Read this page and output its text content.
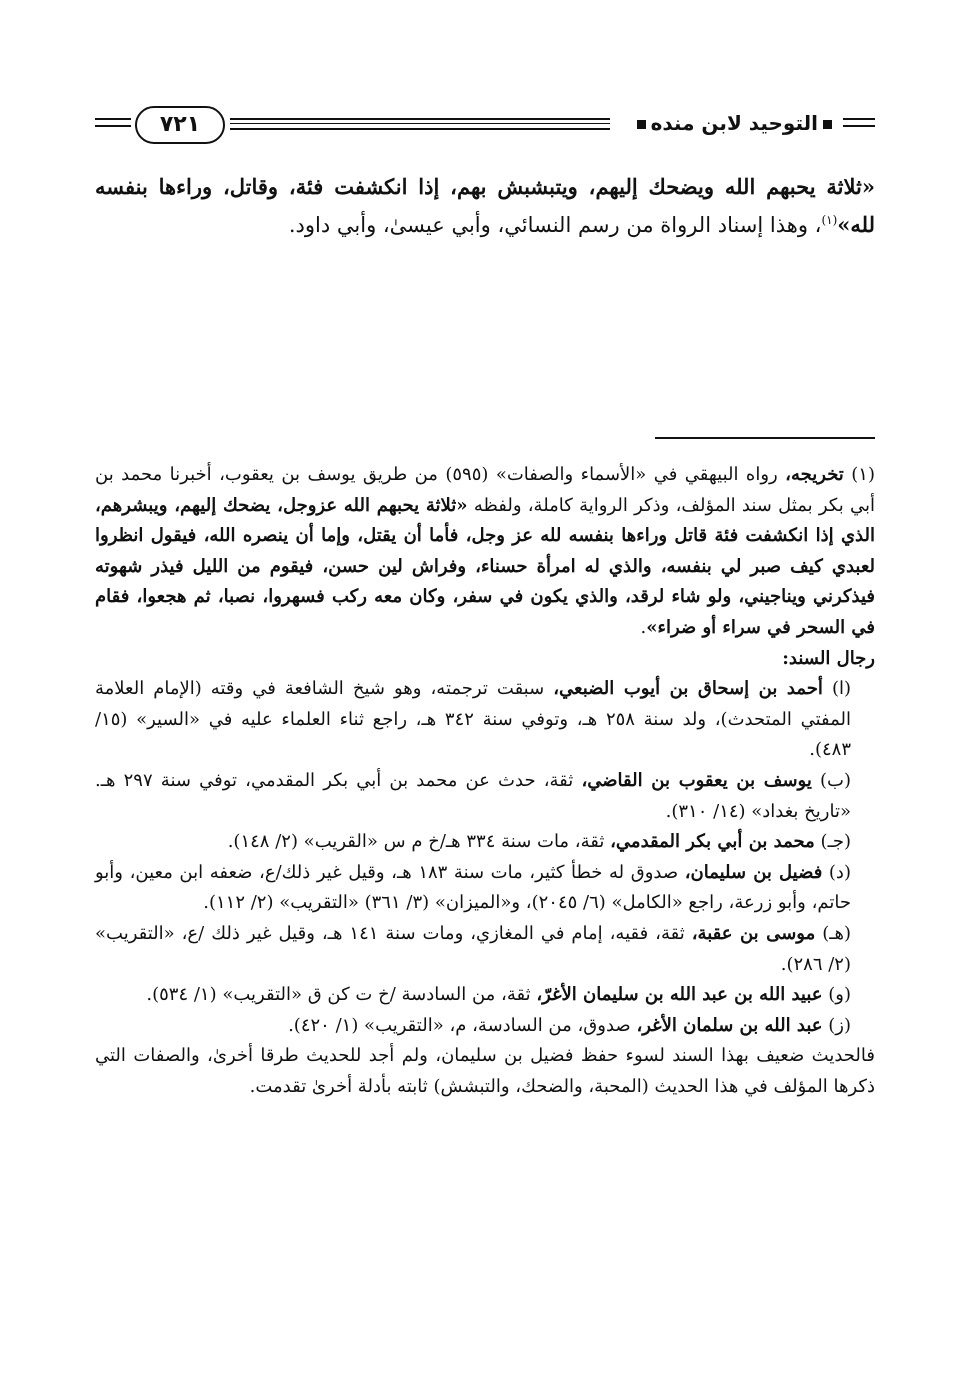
٧٢١	التوحيد لابن منده

«ثلاثة يحبهم الله ويضحك إليهم، ويتبشبش بهم، إذا انكشفت فئة، وقاتل، وراءها بنفسه لله»$^{(١)}$، وهذا إسناد الرواة من رسم النسائي، وأبي عيسىٰ، وأبي داود.

(١) تخريجه، رواه البيهقي في «الأسماء والصفات» (٥٩٥) من طريق يوسف بن يعقوب، أخبرنا محمد بن أبي بكر بمثل سند المؤلف، وذكر الرواية كاملة، ولفظه «ثلاثة يحبهم الله عزوجل، يضحك إليهم، ويبشرهم، الذي إذا انكشفت فئة قاتل وراءها بنفسه لله عز وجل، فأما أن يقتل، وإما أن ينصره الله، فيقول انظروا لعبدي كيف صبر لي بنفسه، والذي له امرأة حسناء، وفراش لين حسن، فيقوم من الليل فيذر شهوته فيذكرني ويناجيني، ولو شاء لرقد، والذي يكون في سفر، وكان معه ركب فسهروا، نصبا، ثم هجعوا، فقام في السحر في سراء أو ضراء».

رجال السند:

(ا) أحمد بن إسحاق بن أيوب الضبعي، سبقت ترجمته، وهو شيخ الشافعة في وقته (الإمام العلامة المفتي المتحدث)، ولد سنة ٢٥٨ هـ، وتوفي سنة ٣٤٢ هـ، راجع ثناء العلماء عليه في «السير» (١٥/ ٤٨٣).

(ب) يوسف بن يعقوب بن القاضي، ثقة، حدث عن محمد بن أبي بكر المقدمي، توفي سنة ٢٩٧ هـ. «تاريخ بغداد» (١٤/ ٣١٠).

(جـ) محمد بن أبي بكر المقدمي، ثقة، مات سنة ٣٣٤ هـ/خ م س «القريب» (٢/ ١٤٨).

(د) فضيل بن سليمان، صدوق له خطأ كثير، مات سنة ١٨٣ هـ، وقيل غير ذلك/ع، ضعفه ابن معين، وأبو حاتم، وأبو زرعة، راجع «الكامل» (٦/ ٢٠٤٥)، و«الميزان» (٣/ ٣٦١) «التقريب» (٢/ ١١٢).

(هـ) موسى بن عقبة، ثقة، فقيه، إمام في المغازي، ومات سنة ١٤١ هـ، وقيل غير ذلك /ع، «التقريب» (٢/ ٢٨٦).

(و) عبيد الله بن عبد الله بن سليمان الأغرّ، ثقة، من السادسة /خ ت كن ق «التقريب» (١/ ٥٣٤).

(ز) عبد الله بن سلمان الأغر، صدوق، من السادسة، م، «التقريب» (١/ ٤٢٠).

فالحديث ضعيف بهذا السند لسوء حفظ فضيل بن سليمان، ولم أجد للحديث طرقا أخرىٰ، والصفات التي ذكرها المؤلف في هذا الحديث (المحبة، والضحك، والتبشش) ثابته بأدلة أخرىٰ تقدمت.
